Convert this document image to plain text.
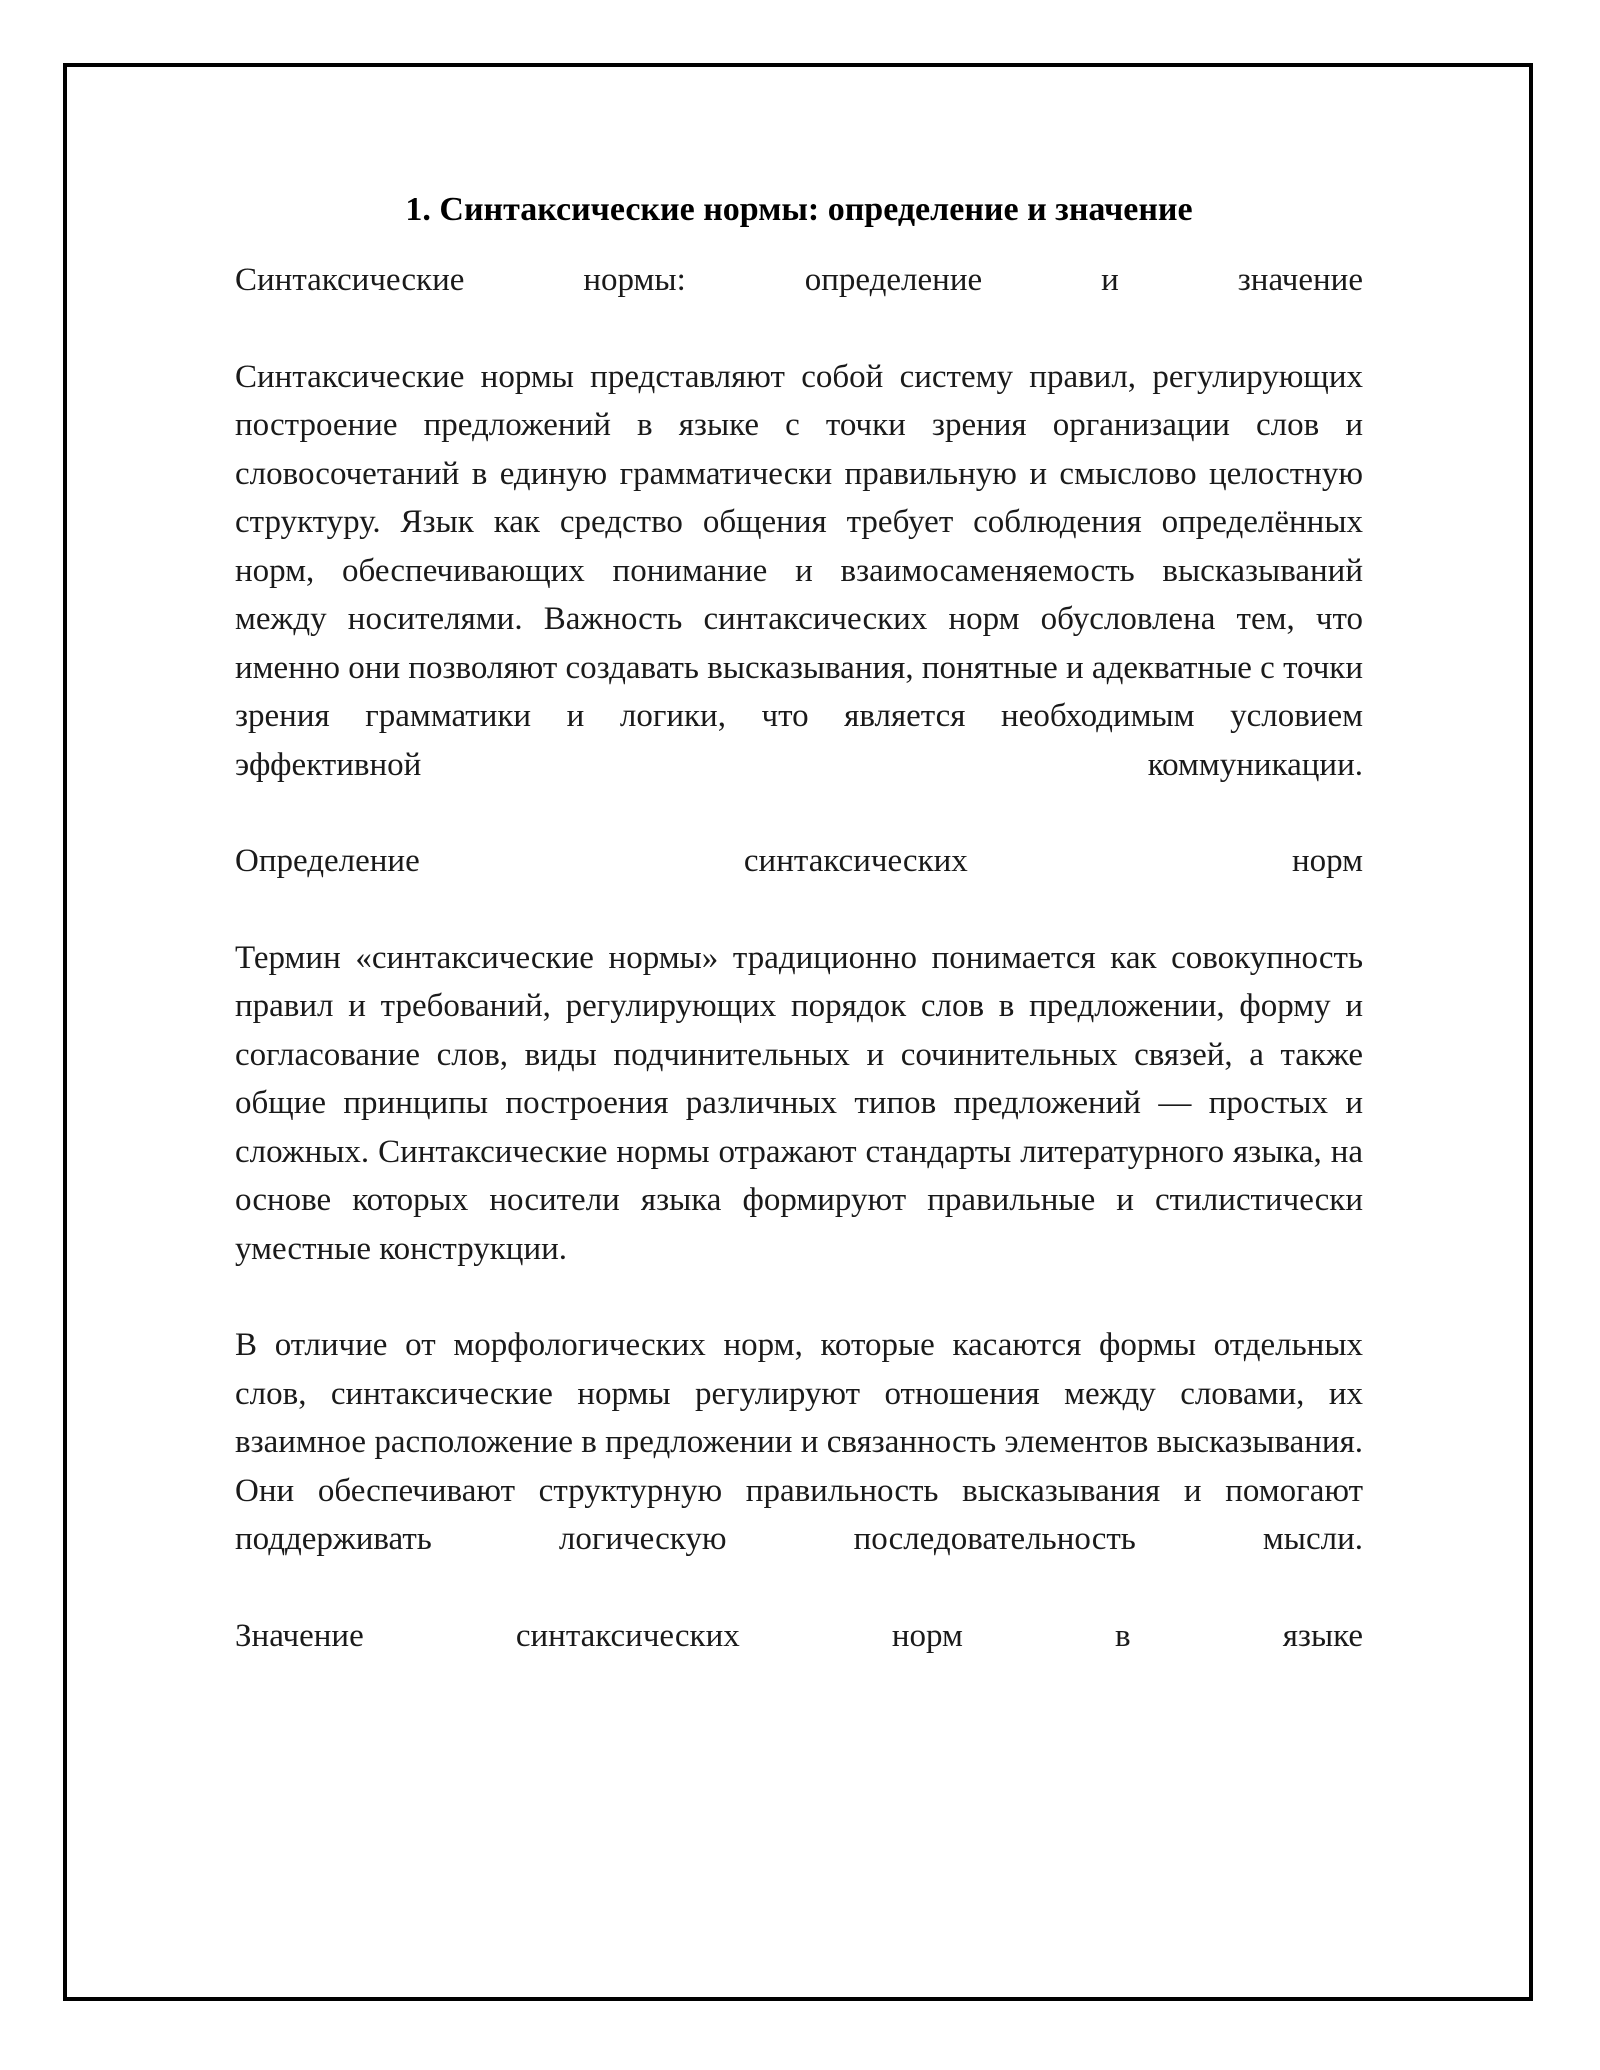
1. Синтаксические нормы: определение и значение

Синтаксические нормы: определение и значение

Синтаксические нормы представляют собой систему правил, регулирующих построение предложений в языке с точки зрения организации слов и словосочетаний в единую грамматически правильную и смыслово целостную структуру. Язык как средство общения требует соблюдения определённых норм, обеспечивающих понимание и взаимосаменяемость высказываний между носителями. Важность синтаксических норм обусловлена тем, что именно они позволяют создавать высказывания, понятные и адекватные с точки зрения грамматики и логики, что является необходимым условием эффективной коммуникации.

Определение синтаксических норм

Термин «синтаксические нормы» традиционно понимается как совокупность правил и требований, регулирующих порядок слов в предложении, форму и согласование слов, виды подчинительных и сочинительных связей, а также общие принципы построения различных типов предложений — простых и сложных. Синтаксические нормы отражают стандарты литературного языка, на основе которых носители языка формируют правильные и стилистически уместные конструкции.

В отличие от морфологических норм, которые касаются формы отдельных слов, синтаксические нормы регулируют отношения между словами, их взаимное расположение в предложении и связанность элементов высказывания. Они обеспечивают структурную правильность высказывания и помогают поддерживать логическую последовательность мысли.

Значение синтаксических норм в языке
